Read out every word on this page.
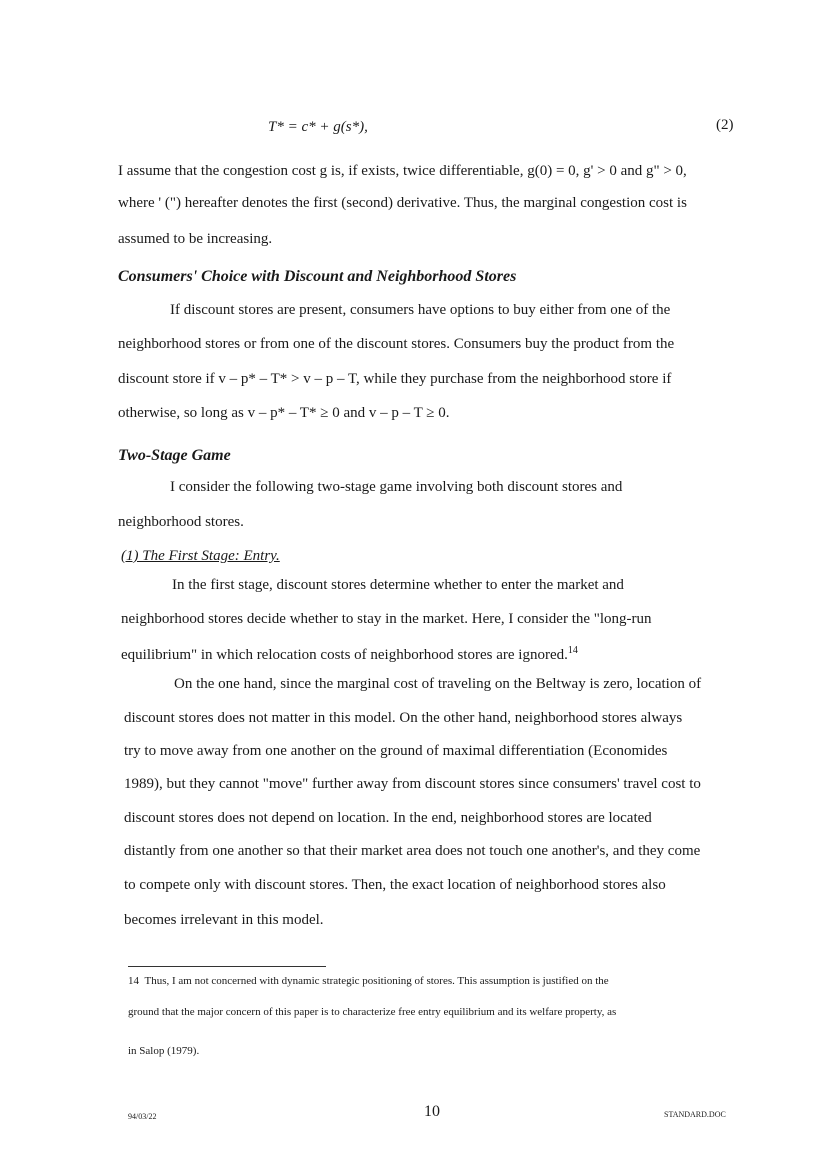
T* = c* + g(s*),	(2)
I assume that the congestion cost g is, if exists, twice differentiable, g(0) = 0, g' > 0 and g" > 0,
where ' (") hereafter denotes the first (second) derivative. Thus, the marginal congestion cost is
assumed to be increasing.
Consumers' Choice with Discount and Neighborhood Stores
If discount stores are present, consumers have options to buy either from one of the
neighborhood stores or from one of the discount stores. Consumers buy the product from the
discount store if v – p* – T* > v – p – T, while they purchase from the neighborhood store if
otherwise, so long as v – p* – T* ≥ 0 and v – p – T ≥ 0.
Two-Stage Game
I consider the following two-stage game involving both discount stores and
neighborhood stores.
(1) The First Stage: Entry.
In the first stage, discount stores determine whether to enter the market and
neighborhood stores decide whether to stay in the market. Here, I consider the "long-run
equilibrium" in which relocation costs of neighborhood stores are ignored.$^{14}$
On the one hand, since the marginal cost of traveling on the Beltway is zero, location of
discount stores does not matter in this model. On the other hand, neighborhood stores always
try to move away from one another on the ground of maximal differentiation (Economides
1989), but they cannot "move" further away from discount stores since consumers' travel cost to
discount stores does not depend on location. In the end, neighborhood stores are located
distantly from one another so that their market area does not touch one another's, and they come
to compete only with discount stores. Then, the exact location of neighborhood stores also
becomes irrelevant in this model.
14 Thus, I am not concerned with dynamic strategic positioning of stores. This assumption is justified on the
ground that the major concern of this paper is to characterize free entry equilibrium and its welfare property, as
in Salop (1979).
94/03/22	10	STANDARD.DOC
